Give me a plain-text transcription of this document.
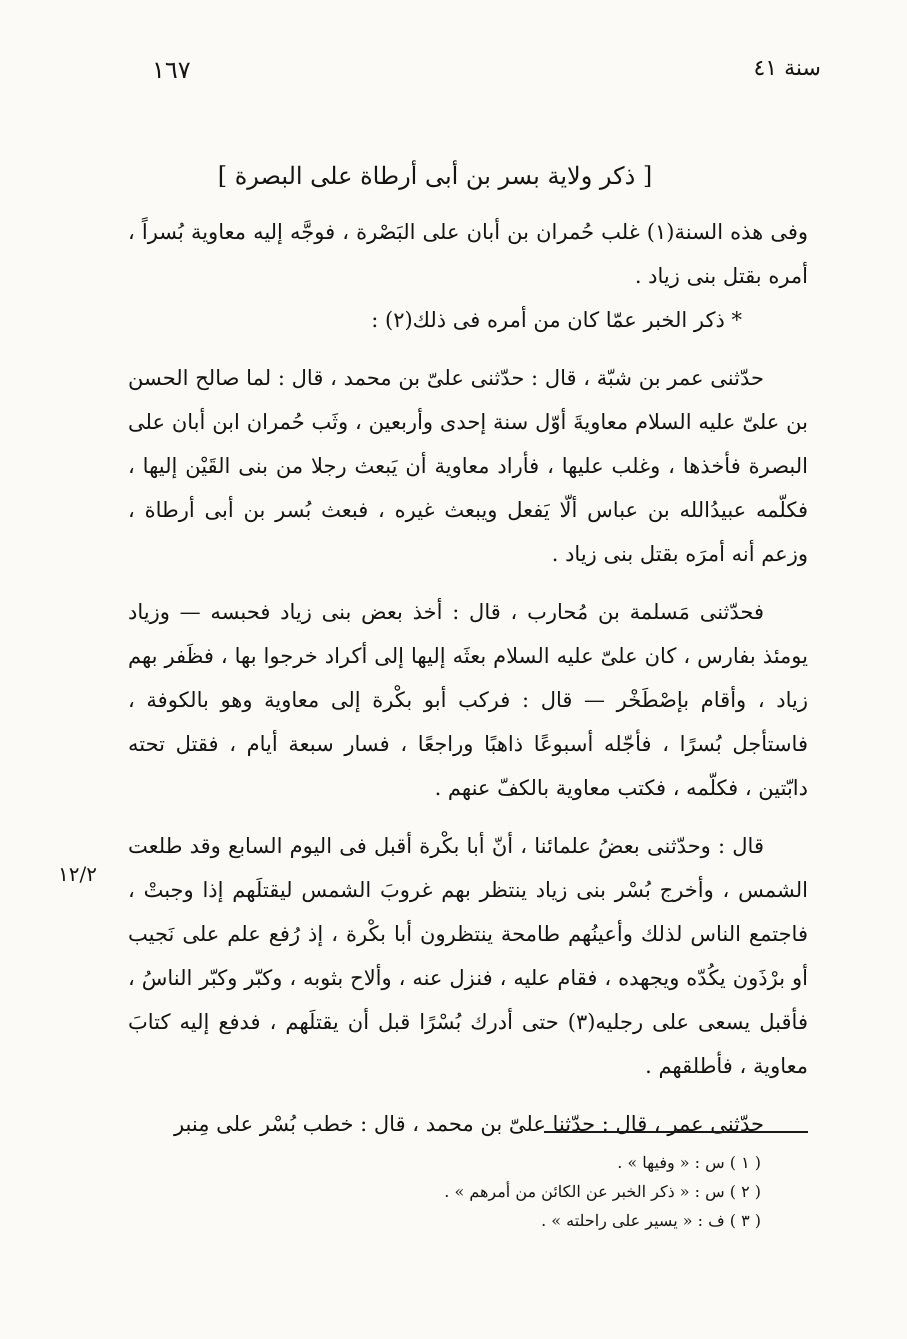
سنة ٤١
١٦٧
[ ذكر ولاية بسر بن أبى أرطاة على البصرة ]

وفى هذه السنة(١) غلب حُمران بن أبان على البَصْرة ، فوجَّه إليه معاوية بُسراً ، أمره بقتل بنى زياد .

* ذكر الخبر عمّا كان من أمره فى ذلك(٢) :

حدّثنى عمر بن شبّة ، قال : حدّثنى علىّ بن محمد ، قال : لما صالح الحسن بن علىّ عليه السلام معاويةَ أوّل سنة إحدى وأربعين ، وثَب حُمران ابن أبان على البصرة فأخذها ، وغلب عليها ، فأراد معاوية أن يَبعث رجلا من بنى القَيْن إليها ، فكلّمه عبيدُالله بن عباس ألّا يَفعل ويبعث غيره ، فبعث بُسر بن أبى أرطاة ، وزعم أنه أمرَه بقتل بنى زياد .

فحدّثنى مَسلمة بن مُحارب ، قال : أخذ بعض بنى زياد فحبسه — وزياد يومئذ بفارس ، كان علىّ عليه السلام بعثَه إليها إلى أكراد خرجوا بها ، فظَفر بهم زياد ، وأقام بإصْطَخْر — قال : فركب أبو بكْرة إلى معاوية وهو بالكوفة ، فاستأجل بُسرًا ، فأجّله أسبوعًا ذاهبًا وراجعًا ، فسار سبعة أيام ، فقتل تحته دابّتين ، فكلّمه ، فكتب معاوية بالكفّ عنهم .

قال : وحدّثنى بعضُ علمائنا ، أنّ أبا بكْرة أقبل فى اليوم السابع وقد طلعت الشمس ، وأخرج بُسْر بنى زياد ينتظر بهم غروبَ الشمس ليقتلَهم إذا وجبتْ ، فاجتمع الناس لذلك وأعينُهم طامحة ينتظرون أبا بكْرة ، إذ رُفع علم على نَجيب أو برْذَون يكُدّه ويجهده ، فقام عليه ، فنزل عنه ، وألاح بثوبه ، وكبّر وكبّر الناسُ ، فأقبل يسعى على رجليه(٣) حتى أدرك بُسْرًا قبل أن يقتلَهم ، فدفع إليه كتابَ معاوية ، فأطلقهم .

حدّثنى عمر ، قال : حدّثنا علىّ بن محمد ، قال : خطب بُسْر على مِنبر

١٢/٢

( ١ ) س : « وفيها » .

( ٢ ) س : « ذكر الخبر عن الكائن من أمرهم » .

( ٣ ) ف : « يسير على راحلته » .
